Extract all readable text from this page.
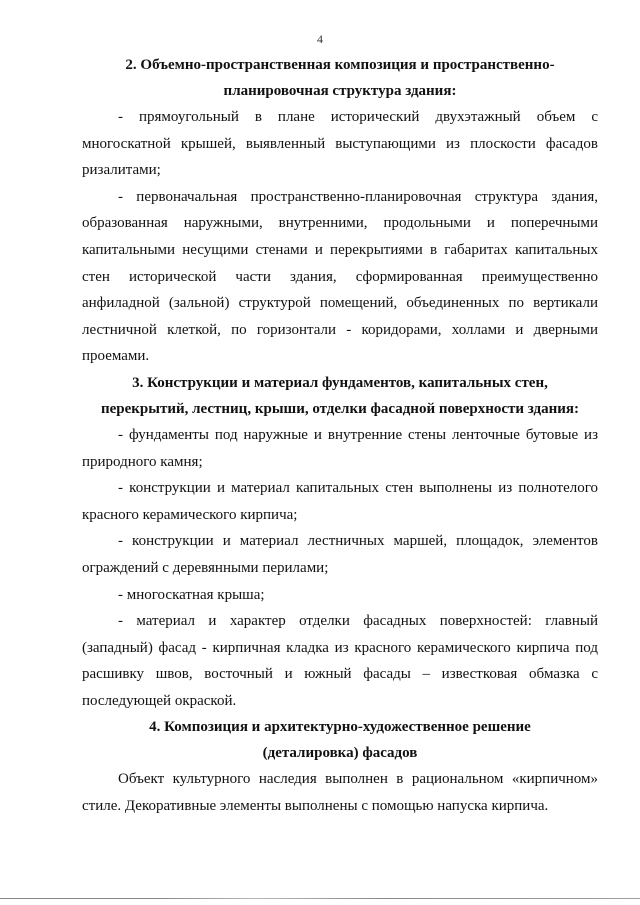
4

2. Объемно-пространственная композиция и пространственно-

планировочная структура здания:

- прямоугольный в плане исторический двухэтажный объем с многоскатной крышей, выявленный выступающими из плоскости фасадов ризалитами;

- первоначальная пространственно-планировочная структура здания, образованная наружными, внутренними, продольными и поперечными капитальными несущими стенами и перекрытиями в габаритах капитальных стен исторической части здания, сформированная преимущественно анфиладной (зальной) структурой помещений, объединенных по вертикали лестничной клеткой, по горизонтали - коридорами, холлами и дверными проемами.

3. Конструкции и материал фундаментов, капитальных стен,

перекрытий, лестниц, крыши, отделки фасадной поверхности здания:

- фундаменты под наружные и внутренние стены ленточные бутовые из природного камня;

- конструкции и материал капитальных стен выполнены из полнотелого красного керамического кирпича;

- конструкции и материал лестничных маршей, площадок, элементов ограждений с деревянными перилами;

- многоскатная крыша;

- материал и характер отделки фасадных поверхностей: главный (западный) фасад - кирпичная кладка из красного керамического кирпича под расшивку швов, восточный и южный фасады – известковая обмазка с последующей окраской.

4. Композиция и архитектурно-художественное решение

(деталировка) фасадов

Объект культурного наследия выполнен в рациональном «кирпичном» стиле. Декоративные элементы выполнены с помощью напуска кирпича.
